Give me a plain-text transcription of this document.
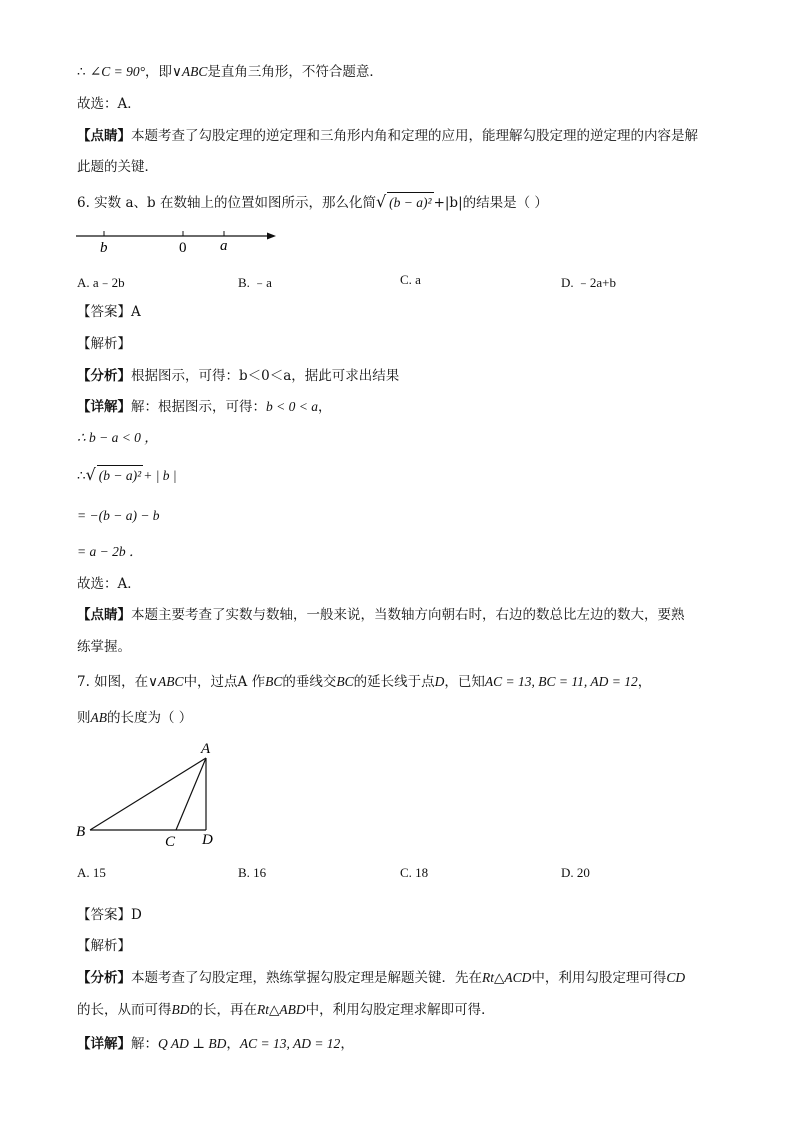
∴ ∠C = 90°，即∨ABC是直角三角形，不符合题意．
故选：A．
【点睛】本题考查了勾股定理的逆定理和三角形内角和定理的应用，能理解勾股定理的逆定理的内容是解
此题的关键．
6. 实数 a、b 在数轴上的位置如图所示，那么化简√ (b − a)² +|b|的结果是（ ）
b	0 a
A. a﹣2b	B. ﹣a	C. a	D. ﹣2a+b
【答案】A
【解析】
【分析】根据图示，可得：b＜0＜a，据此可求出结果
【详解】解：根据图示，可得：b < 0 < a，
∴ b − a < 0 ，
∴√ (b − a)² + | b |
= −(b − a) − b
= a − 2b ．
故选：A．
【点睛】本题主要考查了实数与数轴，一般来说，当数轴方向朝右时，右边的数总比左边的数大，要熟
练掌握。
7. 如图，在∨ABC中，过点A 作BC的垂线交BC的延长线于点D，已知AC = 13, BC = 11, AD = 12，
则AB的长度为（ ）
A
B
C D
A. 15	B. 16	C. 18	D. 20
【答案】D
【解析】
【分析】本题考查了勾股定理，熟练掌握勾股定理是解题关键．先在Rt△ACD中，利用勾股定理可得CD
的长，从而可得BD的长，再在Rt△ABD中，利用勾股定理求解即可得．
【详解】解：Q AD ⊥ BD，AC = 13, AD = 12，
